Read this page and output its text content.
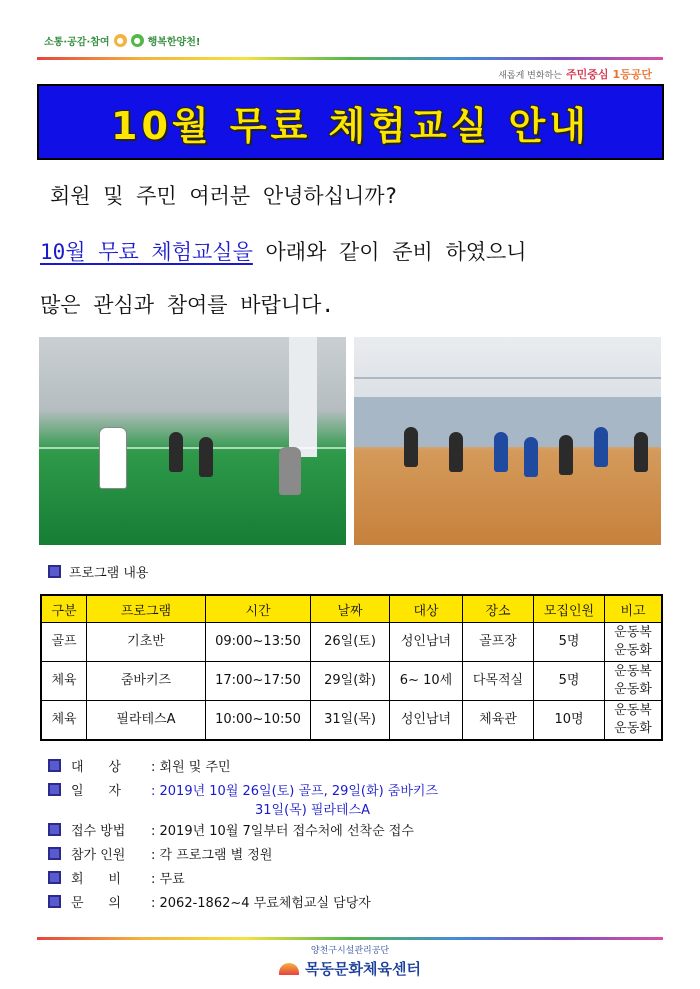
소통·공감·참여 ●	● 행복한양천!
새롭게 변화하는 주민중심 1등공단
10월 무료 체험교실 안내
회원 및 주민 여러분 안녕하십니까?
10월 무료 체험교실을 아래와 같이 준비 하였으니
많은 관심과 참여를 바랍니다.
프로그램 내용
구분	프로그램	시간	날짜	대상	장소	모집인원	비고
골프	기초반	09:00~13:50	26일(토)	성인남녀	골프장	5명	운동복
운동화
체육	줌바키즈	17:00~17:50	29일(화)	6~ 10세	다목적실	5명	운동복
운동화
체육	필라테스A	10:00~10:50	31일(목)	성인남녀	체육관	10명	운동복
운동화
대      상	: 회원 및 주민
일      자	: 2019년 10월 26일(토) 골프, 29일(화) 줌바키즈
31일(목) 필라테스A
접수 방법	: 2019년 10월 7일부터 접수처에 선착순 접수
참가 인원	: 각 프로그램 별 정원
회      비	: 무료
문      의	: 2062-1862~4 무료체험교실 담당자
양천구시설관리공단
목동문화체육센터
